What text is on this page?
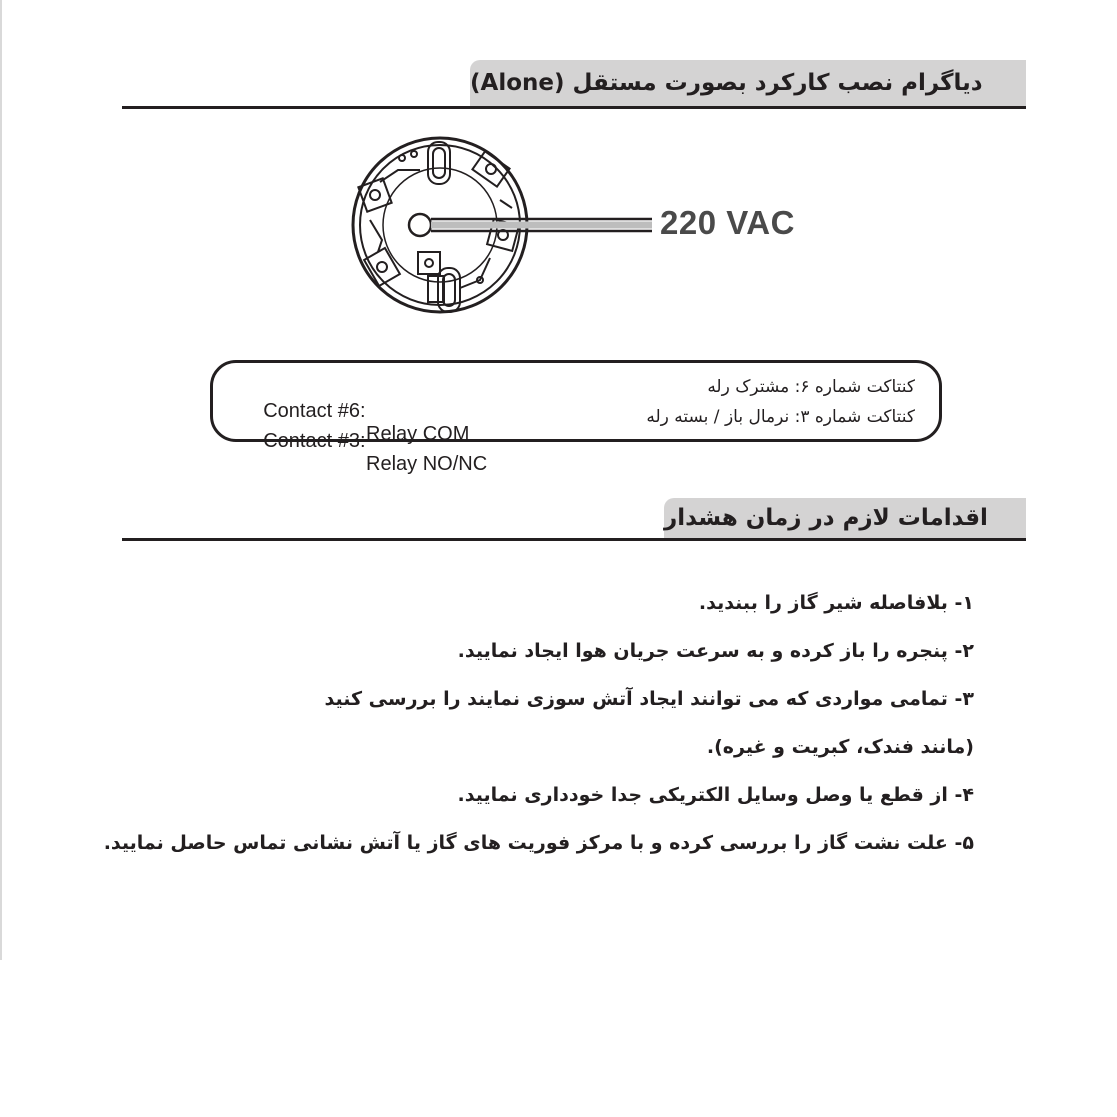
دیاگرام نصب کارکرد بصورت مستقل (Alone)
220 VAC

Contact #6:

Relay COM

Contact #3:

Relay NO/NC

کنتاکت شماره ۶: مشترک رله
کنتاکت شماره ۳: نرمال باز / بسته رله
اقدامات لازم در زمان هشدار
۱- بلافاصله شیر گاز را ببندید.
۲- پنجره را باز کرده و به سرعت جریان هوا ایجاد نمایید.
۳- تمامی مواردی که می توانند ایجاد آتش سوزی نمایند را بررسی کنید
(مانند فندک، کبریت و غیره).
۴- از قطع یا وصل وسایل الکتریکی جدا خودداری نمایید.
۵- علت نشت گاز را بررسی کرده و با مرکز فوریت های گاز یا آتش نشانی تماس حاصل نمایید.
